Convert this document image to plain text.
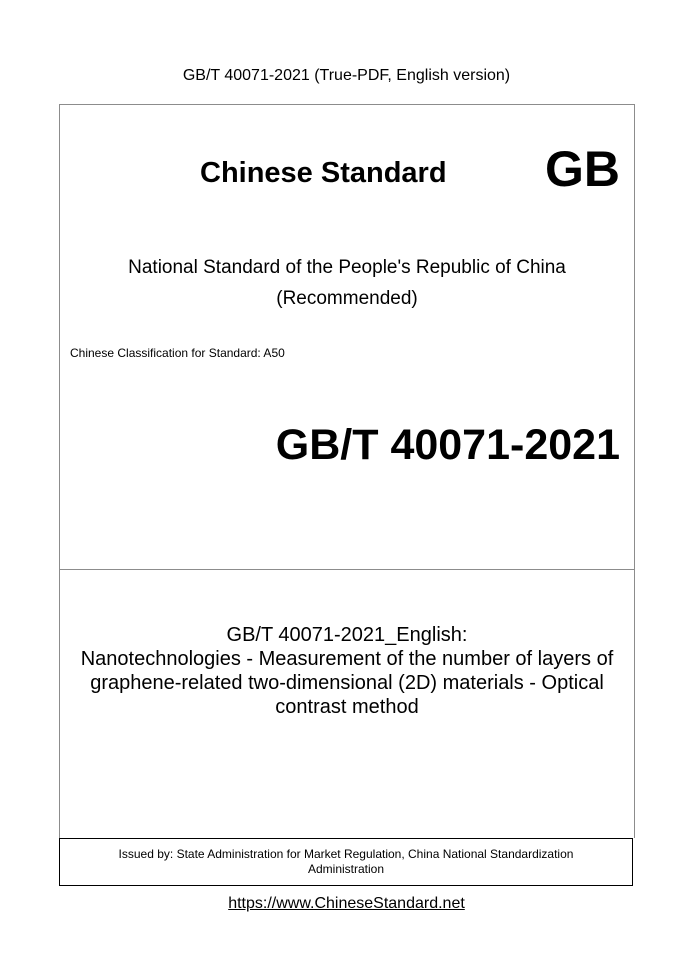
GB/T 40071-2021 (True-PDF, English version)
Chinese Standard GB
National Standard of the People's Republic of China
(Recommended)
Chinese Classification for Standard: A50
GB/T 40071-2021
GB/T 40071-2021_English:
Nanotechnologies - Measurement of the number of layers of
graphene-related two-dimensional (2D) materials - Optical
contrast method
Issued by: State Administration for Market Regulation, China National Standardization
Administration
https://www.ChineseStandard.net
